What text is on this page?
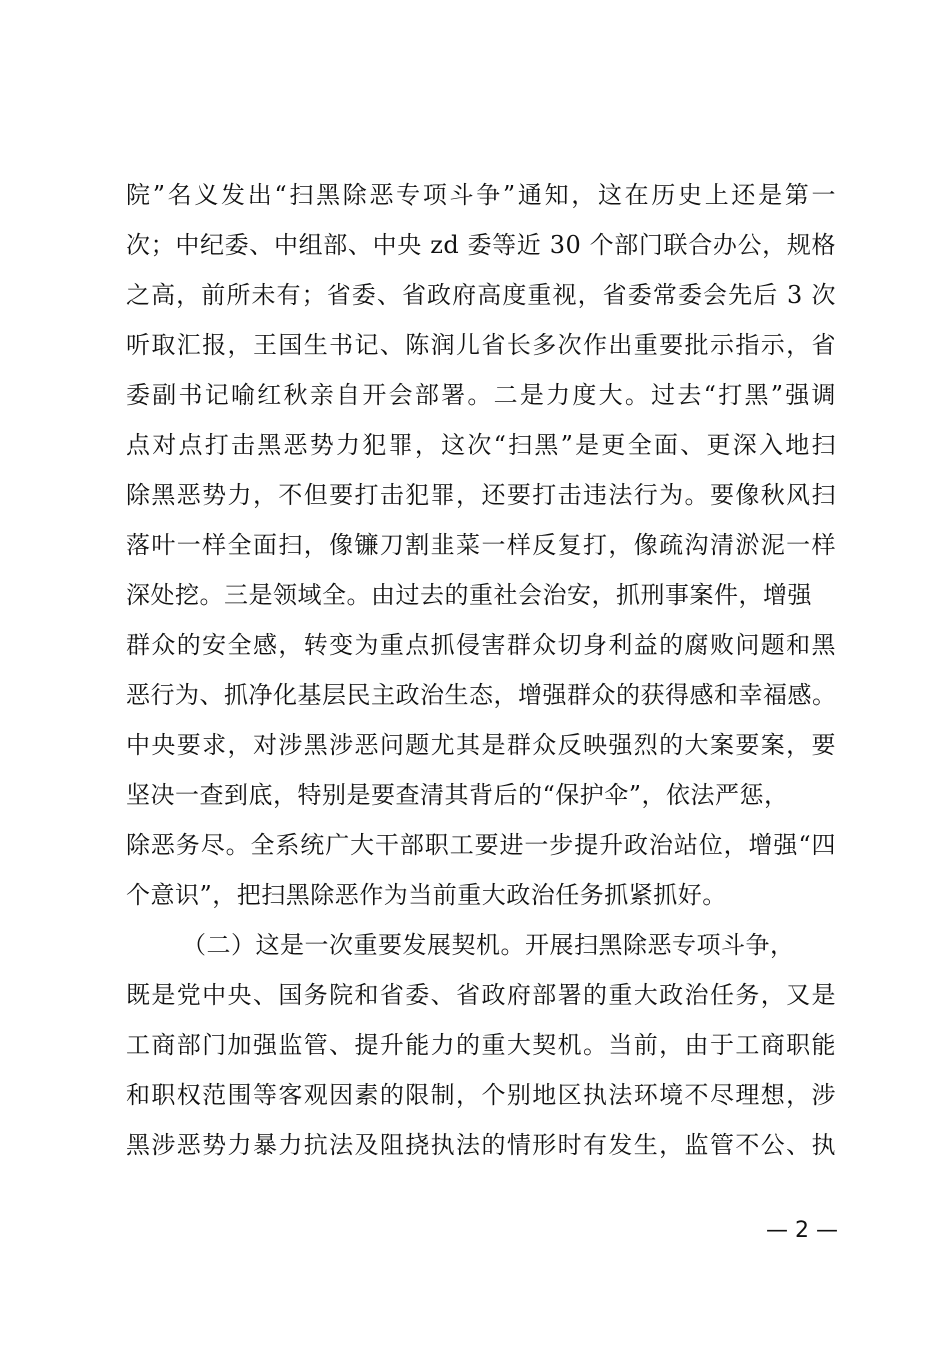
院”名义发出“扫黑除恶专项斗争”通知，这在历史上还是第一
次；中纪委、中组部、中央 zd 委等近 30 个部门联合办公，规格
之高，前所未有；省委、省政府高度重视，省委常委会先后 3 次
听取汇报，王国生书记、陈润儿省长多次作出重要批示指示，省
委副书记喻红秋亲自开会部署。二是力度大。过去“打黑”强调
点对点打击黑恶势力犯罪，这次“扫黑”是更全面、更深入地扫
除黑恶势力，不但要打击犯罪，还要打击违法行为。要像秋风扫
落叶一样全面扫，像镰刀割韭菜一样反复打，像疏沟清淤泥一样
深处挖。三是领域全。由过去的重社会治安，抓刑事案件，增强
群众的安全感，转变为重点抓侵害群众切身利益的腐败问题和黑
恶行为、抓净化基层民主政治生态，增强群众的获得感和幸福感。
中央要求，对涉黑涉恶问题尤其是群众反映强烈的大案要案，要
坚决一查到底，特别是要查清其背后的“保护伞”，依法严惩，
除恶务尽。全系统广大干部职工要进一步提升政治站位，增强“四
个意识”，把扫黑除恶作为当前重大政治任务抓紧抓好。
（二）这是一次重要发展契机。开展扫黑除恶专项斗争，
既是党中央、国务院和省委、省政府部署的重大政治任务，又是
工商部门加强监管、提升能力的重大契机。当前，由于工商职能
和职权范围等客观因素的限制，个别地区执法环境不尽理想，涉
黑涉恶势力暴力抗法及阻挠执法的情形时有发生，监管不公、执
— 2 —
